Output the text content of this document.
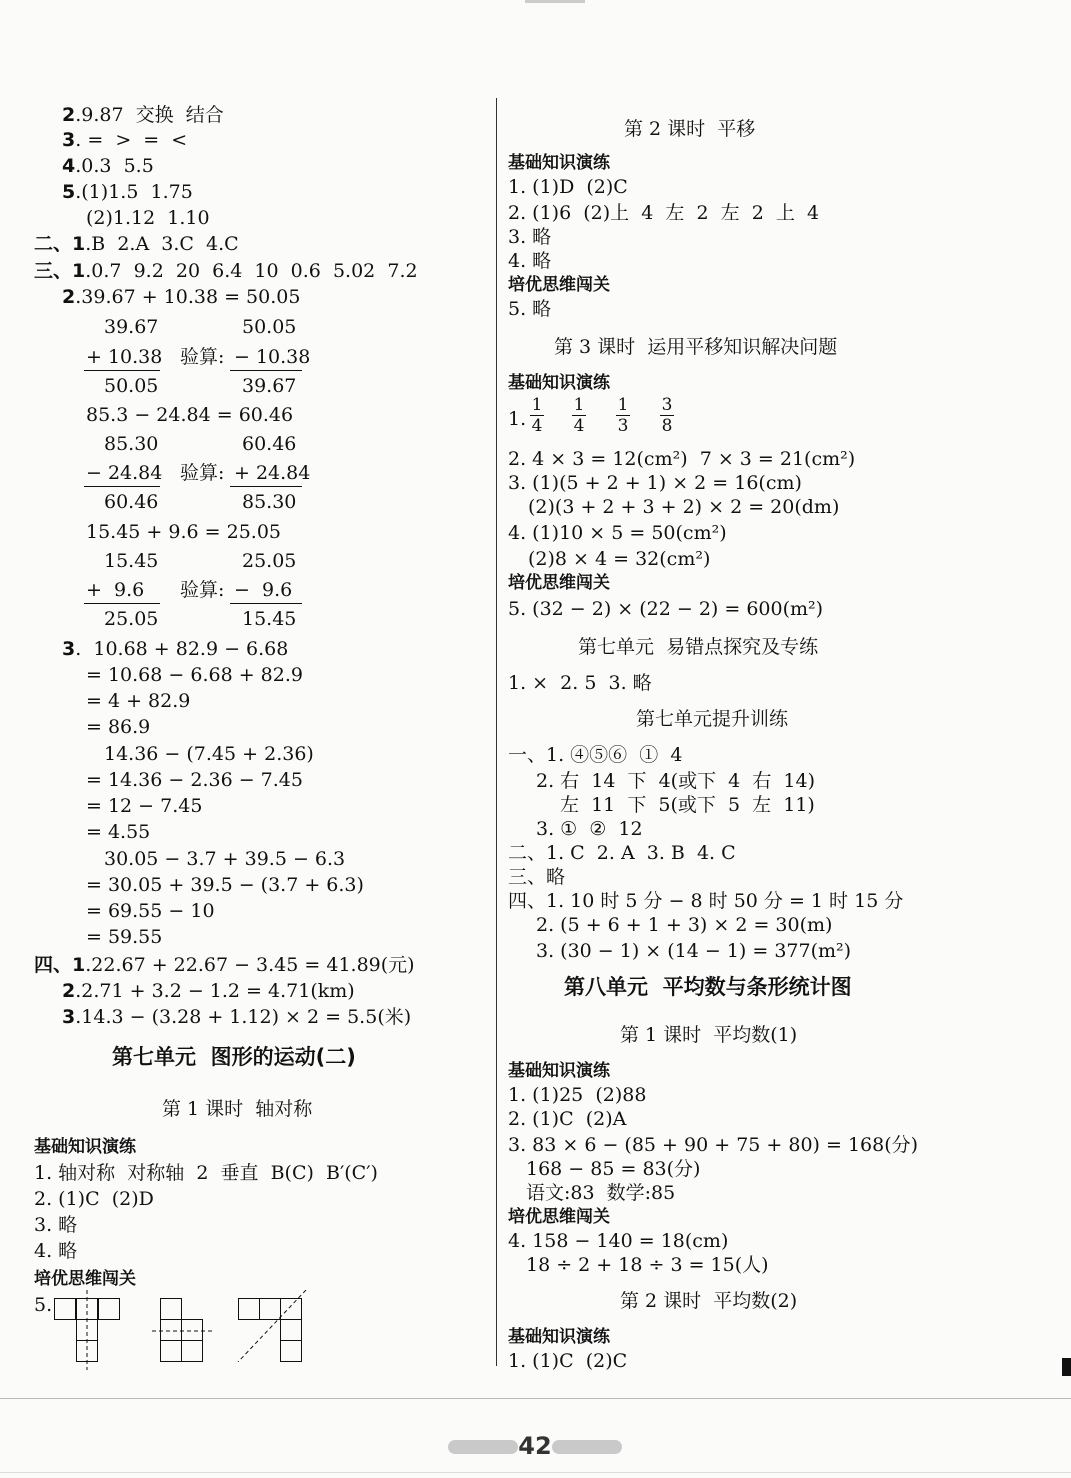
2.9.87  交换  结合
3. =  >  =  <
4.0.3  5.5
5.(1)1.5  1.75
(2)1.12  1.10
二、1.B  2.A  3.C  4.C
三、1.0.7  9.2  20  6.4  10  0.6  5.02  7.2
2.39.67 + 10.38 = 50.05
39.67	50.05
+ 10.38 验算: − 10.38
50.05	39.67
85.3 − 24.84 = 60.46
85.30	60.46
− 24.84 验算: + 24.84
60.46	85.30
15.45 + 9.6 = 25.05
15.45	25.05
+  9.6 验算: −  9.6
25.05	15.45
3.  10.68 + 82.9 − 6.68
= 10.68 − 6.68 + 82.9
= 4 + 82.9
= 86.9
14.36 − (7.45 + 2.36)
= 14.36 − 2.36 − 7.45
= 12 − 7.45
= 4.55
30.05 − 3.7 + 39.5 − 6.3
= 30.05 + 39.5 − (3.7 + 6.3)
= 69.55 − 10
= 59.55
四、1.22.67 + 22.67 − 3.45 = 41.89(元)
2.2.71 + 3.2 − 1.2 = 4.71(km)
3.14.3 − (3.28 + 1.12) × 2 = 5.5(米)
第七单元  图形的运动(二)
第 1 课时  轴对称
基础知识演练
1. 轴对称  对称轴  2  垂直  B(C)  B′(C′)
2. (1)C  (2)D
3. 略
4. 略
培优思维闯关
5.
第 2 课时  平移
基础知识演练
1. (1)D  (2)C
2. (1)6  (2)上  4  左  2  左  2  上  4
3. 略
4. 略
培优思维闯关
5. 略
第 3 课时  运用平移知识解决问题
基础知识演练
1.
1
4
1
4
1
3
3
8
2. 4 × 3 = 12(cm²)  7 × 3 = 21(cm²)
3. (1)(5 + 2 + 1) × 2 = 16(cm)
(2)(3 + 2 + 3 + 2) × 2 = 20(dm)
4. (1)10 × 5 = 50(cm²)
(2)8 × 4 = 32(cm²)
培优思维闯关
5. (32 − 2) × (22 − 2) = 600(m²)
第七单元  易错点探究及专练
1. ×  2. 5  3. 略
第七单元提升训练
一、1. ④⑤⑥  ①  4
2. 右  14  下  4(或下  4  右  14)
左  11  下  5(或下  5  左  11)
3. ①  ②  12
二、1. C  2. A  3. B  4. C
三、略
四、1. 10 时 5 分 − 8 时 50 分 = 1 时 15 分
2. (5 + 6 + 1 + 3) × 2 = 30(m)
3. (30 − 1) × (14 − 1) = 377(m²)
第八单元  平均数与条形统计图
第 1 课时  平均数(1)
基础知识演练
1. (1)25  (2)88
2. (1)C  (2)A
3. 83 × 6 − (85 + 90 + 75 + 80) = 168(分)
168 − 85 = 83(分)
语文:83  数学:85
培优思维闯关
4. 158 − 140 = 18(cm)
18 ÷ 2 + 18 ÷ 3 = 15(人)
第 2 课时  平均数(2)
基础知识演练
1. (1)C  (2)C
42
